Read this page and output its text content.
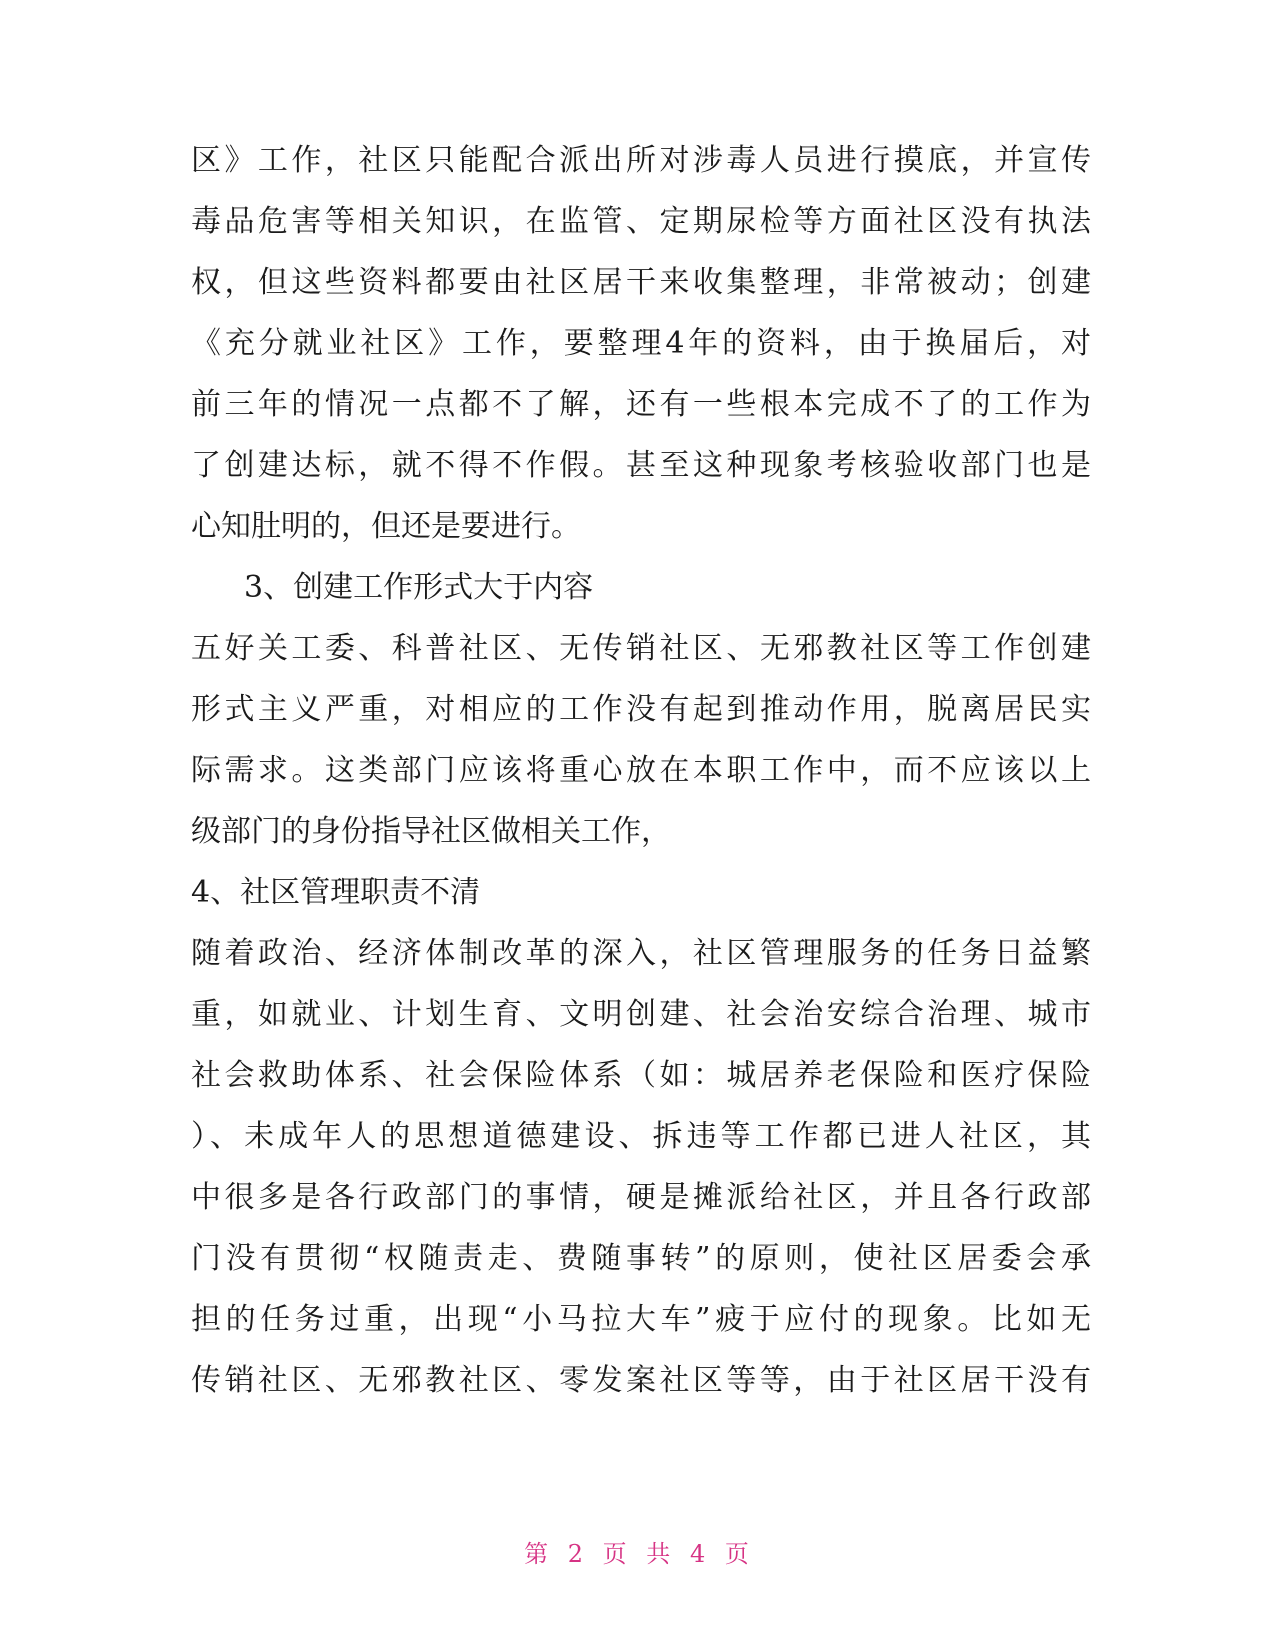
区》工作，社区只能配合派出所对涉毒人员进行摸底，并宣传
毒品危害等相关知识，在监管、定期尿检等方面社区没有执法
权，但这些资料都要由社区居干来收集整理，非常被动；创建
《充分就业社区》工作，要整理4年的资料，由于换届后，对
前三年的情况一点都不了解，还有一些根本完成不了的工作为
了创建达标，就不得不作假。甚至这种现象考核验收部门也是
心知肚明的，但还是要进行。
3、创建工作形式大于内容
五好关工委、科普社区、无传销社区、无邪教社区等工作创建
形式主义严重，对相应的工作没有起到推动作用，脱离居民实
际需求。这类部门应该将重心放在本职工作中，而不应该以上
级部门的身份指导社区做相关工作，
4、社区管理职责不清
随着政治、经济体制改革的深入，社区管理服务的任务日益繁
重，如就业、计划生育、文明创建、社会治安综合治理、城市
社会救助体系、社会保险体系（如：城居养老保险和医疗保险
）、未成年人的思想道德建设、拆违等工作都已进人社区，其
中很多是各行政部门的事情，硬是摊派给社区，并且各行政部
门没有贯彻“权随责走、费随事转”的原则，使社区居委会承
担的任务过重，出现“小马拉大车”疲于应付的现象。比如无
传销社区、无邪教社区、零发案社区等等，由于社区居干没有
第 2 页 共 4 页
